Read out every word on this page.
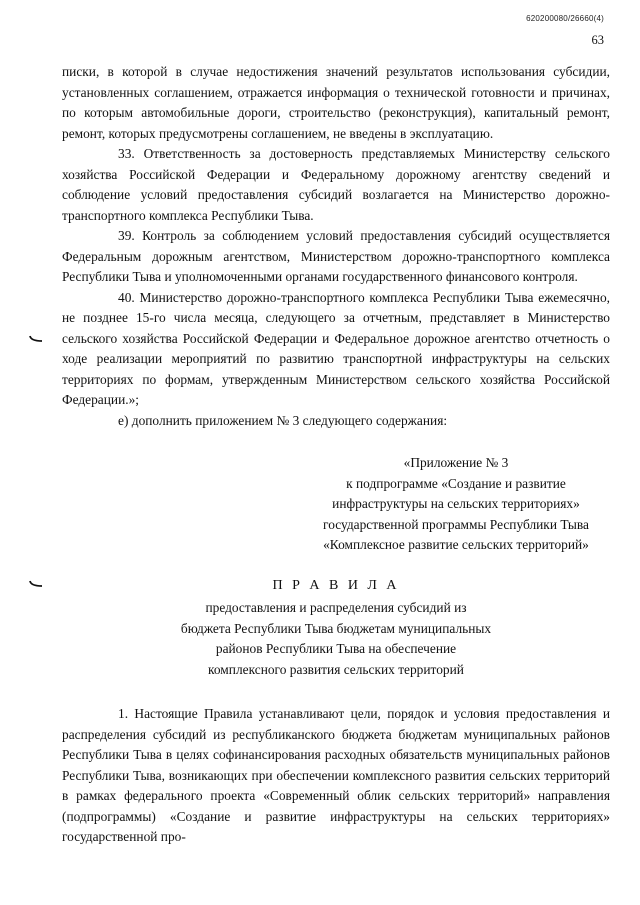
620200080/26660(4)
63

писки, в которой в случае недостижения значений результатов использования субсидии, установленных соглашением, отражается информация о технической готовности и причинах, по которым автомобильные дороги, строительство (реконструкция), капитальный ремонт, ремонт, которых предусмотрены соглашением, не введены в эксплуатацию.

33. Ответственность за достоверность представляемых Министерству сельского хозяйства Российской Федерации и Федеральному дорожному агентству сведений и соблюдение условий предоставления субсидий возлагается на Министерство дорожно-транспортного комплекса Республики Тыва.

39. Контроль за соблюдением условий предоставления субсидий осуществляется Федеральным дорожным агентством, Министерством дорожно-транспортного комплекса Республики Тыва и уполномоченными органами государственного финансового контроля.

40. Министерство дорожно-транспортного комплекса Республики Тыва ежемесячно, не позднее 15-го числа месяца, следующего за отчетным, представляет в Министерство сельского хозяйства Российской Федерации и Федеральное дорожное агентство отчетность о ходе реализации мероприятий по развитию транспортной инфраструктуры на сельских территориях по формам, утвержденным Министерством сельского хозяйства Российской Федерации.»;

е) дополнить приложением № 3 следующего содержания:

«Приложение № 3

к подпрограмме «Создание и развитие

инфраструктуры на сельских территориях»

государственной программы Республики Тыва

«Комплексное развитие сельских территорий»

П Р А В И Л А

предоставления и распределения субсидий из

бюджета Республики Тыва бюджетам муниципальных

районов Республики Тыва на обеспечение

комплексного развития сельских территорий

1. Настоящие Правила устанавливают цели, порядок и условия предоставления и распределения субсидий из республиканского бюджета бюджетам муниципальных районов Республики Тыва в целях софинансирования расходных обязательств муниципальных районов Республики Тыва, возникающих при обеспечении комплексного развития сельских территорий в рамках федерального проекта «Современный облик сельских территорий» направления (подпрограммы) «Создание и развитие инфраструктуры на сельских территориях» государственной про-
